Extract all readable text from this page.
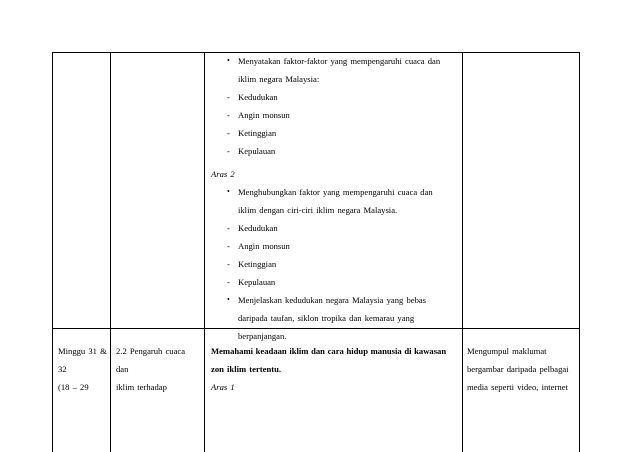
• Menyatakan faktor-faktor yang mempengaruhi cuaca dan
iklim negara Malaysia:
- Kedudukan
- Angin monsun
- Ketinggian
- Kepulauan
Aras 2
• Menghubungkan faktor yang mempengaruhi cuaca dan
iklim dengan ciri-ciri iklim negara Malaysia.
- Kedudukan
- Angin monsun
- Ketinggian
- Kepulauan
• Menjelaskan kedudukan negara Malaysia yang bebas
daripada taufan, siklon tropika dan kemarau yang
berpanjangan.
Minggu 31 &
32
(18 – 29
2.2 Pengaruh cuaca
dan
iklim terhadap
Memahami keadaan iklim dan cara hidup manusia di kawasan
zon iklim tertentu.
Aras 1
Mengumpul maklumat
bergambar daripada pelbagai
media seperti video, internet
